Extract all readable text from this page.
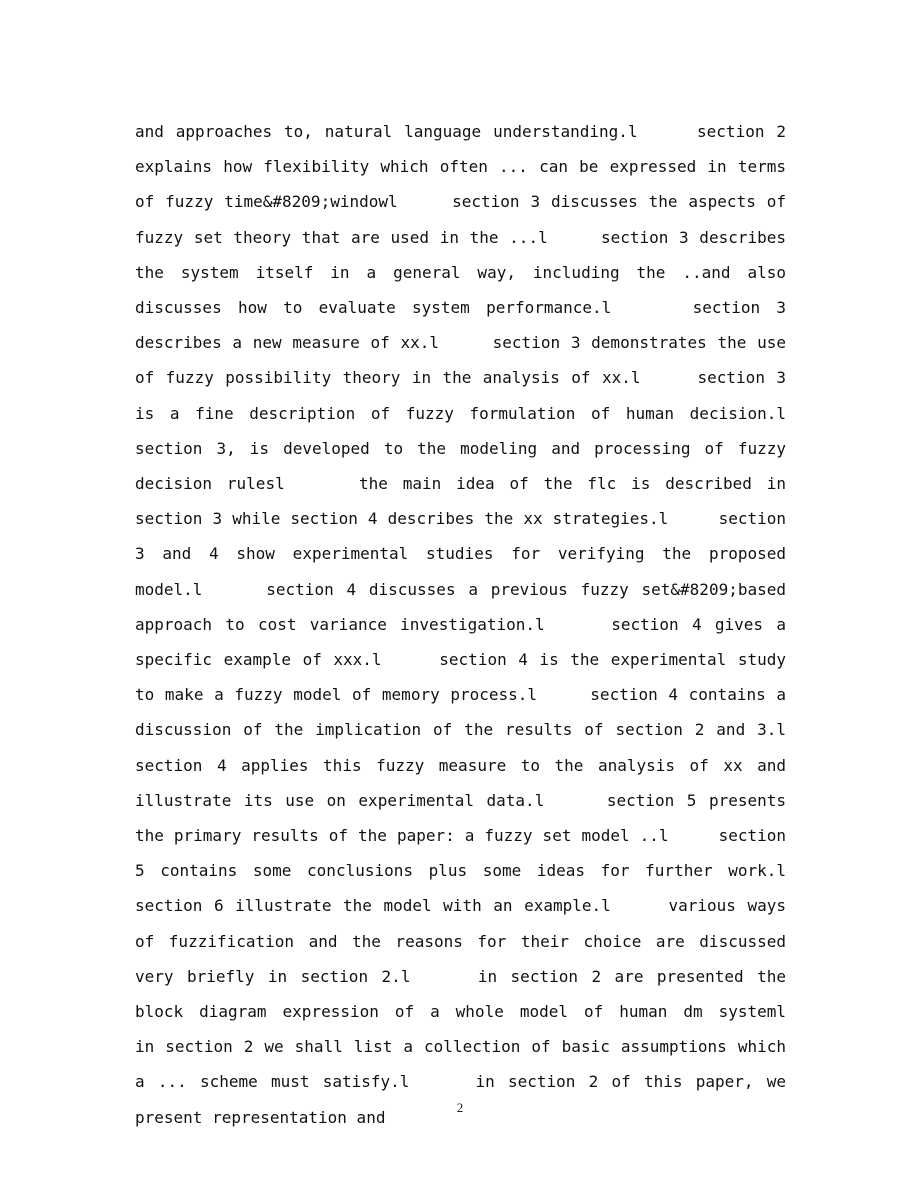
and approaches to, natural language understanding.l     section 2 explains how flexibility which often ... can be expressed in terms of fuzzy time&#8209;windowl     section 3 discusses the aspects of fuzzy set theory that are used in the ...l     section 3 describes the system itself in a general way, including the ..and also discusses how to evaluate system performance.l     section 3 describes a new measure of xx.l     section 3 demonstrates the use of fuzzy possibility theory in the analysis of xx.l     section 3 is a fine description of fuzzy formulation of human decision.l     section 3, is developed to the modeling and processing of fuzzy decision rulesl     the main idea of the flc is described in section 3 while section 4 describes the xx strategies.l     section 3 and 4 show experimental studies for verifying the proposed model.l     section 4 discusses a previous fuzzy set&#8209;based approach to cost variance investigation.l     section 4 gives a specific example of xxx.l     section 4 is the experimental study to make a fuzzy model of memory process.l     section 4 contains a discussion of the implication of the results of section 2 and 3.l     section 4 applies this fuzzy measure to the analysis of xx and illustrate its use on experimental data.l     section 5 presents the primary results of the paper: a fuzzy set model ..l     section 5 contains some conclusions plus some ideas for further work.l     section 6 illustrate the model with an example.l     various ways of fuzzification and the reasons for their choice are discussed very briefly in section 2.l     in section 2 are presented the block diagram expression of a whole model of human dm systeml     in section 2 we shall list a collection of basic assumptions which a ... scheme must satisfy.l     in section 2 of this paper, we present representation and

2
